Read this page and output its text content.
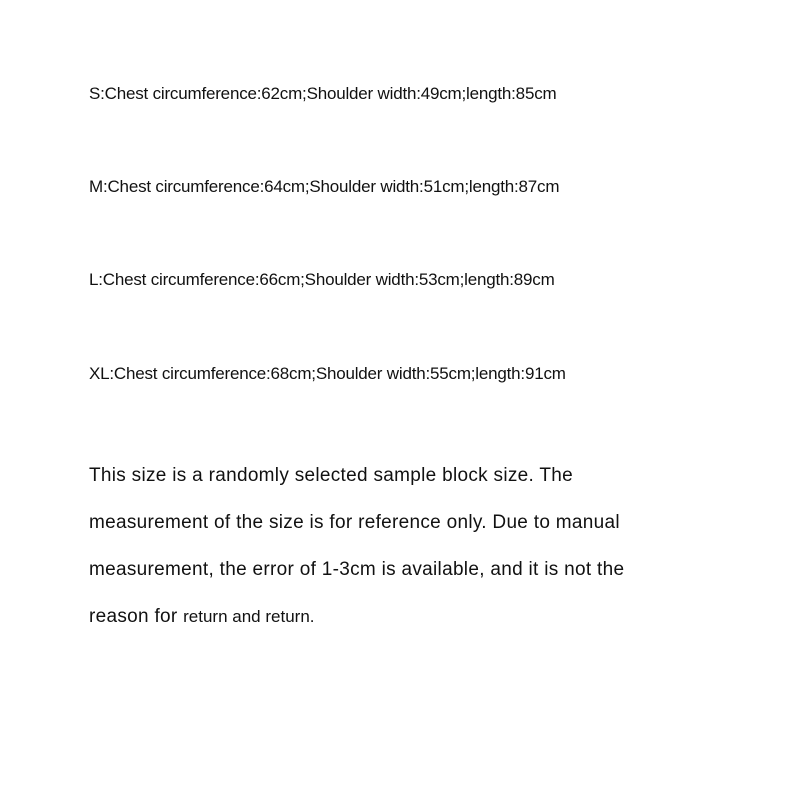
S:Chest circumference:62cm;Shoulder width:49cm;length:85cm
M:Chest circumference:64cm;Shoulder width:51cm;length:87cm
L:Chest circumference:66cm;Shoulder width:53cm;length:89cm
XL:Chest circumference:68cm;Shoulder width:55cm;length:91cm
This size is a randomly selected sample block size. The
measurement of the size is for reference only. Due to manual
measurement, the error of 1-3cm is available, and it is not the
reason for return and return.
